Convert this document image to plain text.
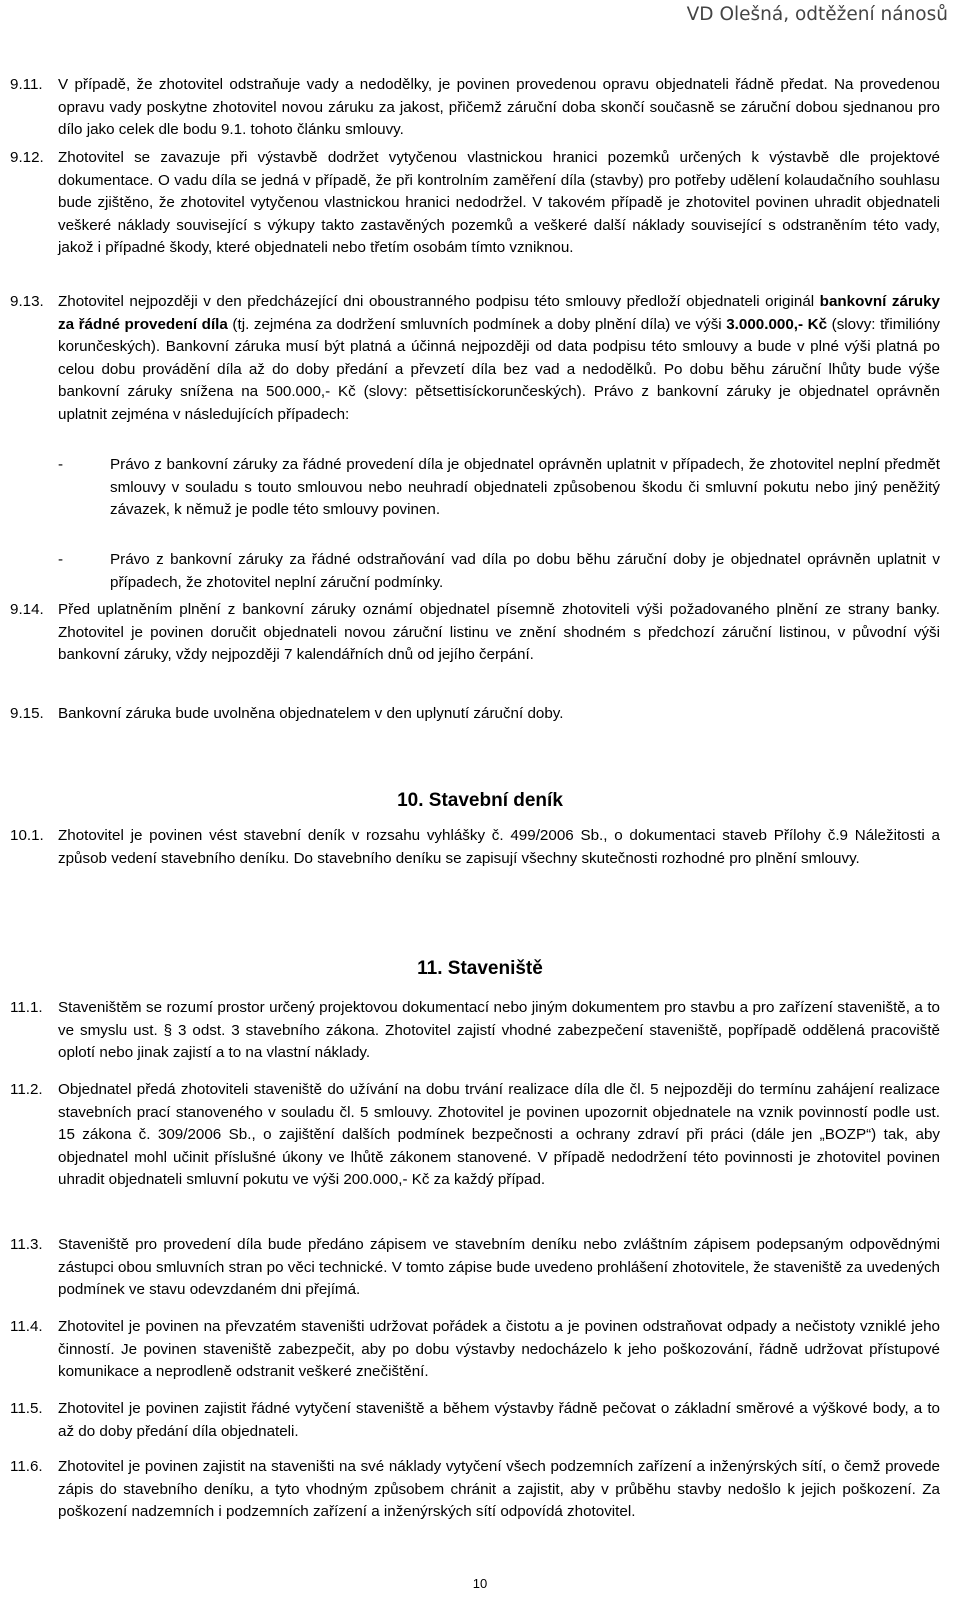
VD Olešná, odtěžení nánosů
9.11. V případě, že zhotovitel odstraňuje vady a nedodělky, je povinen provedenou opravu objednateli řádně předat. Na provedenou opravu vady poskytne zhotovitel novou záruku za jakost, přičemž záruční doba skončí současně se záruční dobou sjednanou pro dílo jako celek dle bodu 9.1. tohoto článku smlouvy.
9.12. Zhotovitel se zavazuje při výstavbě dodržet vytyčenou vlastnickou hranici pozemků určených k výstavbě dle projektové dokumentace. O vadu díla se jedná v případě, že při kontrolním zaměření díla (stavby) pro potřeby udělení kolaudačního souhlasu bude zjištěno, že zhotovitel vytyčenou vlastnickou hranici nedodržel. V takovém případě je zhotovitel povinen uhradit objednateli veškeré náklady související s výkupy takto zastavěných pozemků a veškeré další náklady související s odstraněním této vady, jakož i případné škody, které objednateli nebo třetím osobám tímto vzniknou.
9.13. Zhotovitel nejpozději v den předcházející dni oboustranného podpisu této smlouvy předloží objednateli originál bankovní záruky za řádné provedení díla (tj. zejména za dodržení smluvních podmínek a doby plnění díla) ve výši 3.000.000,- Kč (slovy: třimilióny korunčeských). Bankovní záruka musí být platná a účinná nejpozději od data podpisu této smlouvy a bude v plné výši platná po celou dobu provádění díla až do doby předání a převzetí díla bez vad a nedodělků. Po dobu běhu záruční lhůty bude výše bankovní záruky snížena na 500.000,- Kč (slovy: pětsettisíckorunčeských). Právo z bankovní záruky je objednatel oprávněn uplatnit zejména v následujících případech:
-	Právo z bankovní záruky za řádné provedení díla je objednatel oprávněn uplatnit v případech, že zhotovitel neplní předmět smlouvy v souladu s touto smlouvou nebo neuhradí objednateli způsobenou škodu či smluvní pokutu nebo jiný peněžitý závazek, k němuž je podle této smlouvy povinen.
-	Právo z bankovní záruky za řádné odstraňování vad díla po dobu běhu záruční doby je objednatel oprávněn uplatnit v případech, že zhotovitel neplní záruční podmínky.
9.14. Před uplatněním plnění z bankovní záruky oznámí objednatel písemně zhotoviteli výši požadovaného plnění ze strany banky. Zhotovitel je povinen doručit objednateli novou záruční listinu ve znění shodném s předchozí záruční listinou, v původní výši bankovní záruky, vždy nejpozději 7 kalendářních dnů od jejího čerpání.
9.15. Bankovní záruka bude uvolněna objednatelem v den uplynutí záruční doby.
10. Stavební deník
10.1. Zhotovitel je povinen vést stavební deník v rozsahu vyhlášky č. 499/2006 Sb., o dokumentaci staveb Přílohy č.9 Náležitosti a způsob vedení stavebního deníku. Do stavebního deníku se zapisují všechny skutečnosti rozhodné pro plnění smlouvy.
11. Staveniště
11.1. Staveništěm se rozumí prostor určený projektovou dokumentací nebo jiným dokumentem pro stavbu a pro zařízení staveniště, a to ve smyslu ust. § 3 odst. 3 stavebního zákona. Zhotovitel zajistí vhodné zabezpečení staveniště, popřípadě oddělená pracoviště oplotí nebo jinak zajistí a to na vlastní náklady.
11.2. Objednatel předá zhotoviteli staveniště do užívání na dobu trvání realizace díla dle čl. 5 nejpozději do termínu zahájení realizace stavebních prací stanoveného v souladu čl. 5 smlouvy. Zhotovitel je povinen upozornit objednatele na vznik povinností podle ust. 15 zákona č. 309/2006 Sb., o zajištění dalších podmínek bezpečnosti a ochrany zdraví při práci (dále jen „BOZP“) tak, aby objednatel mohl učinit příslušné úkony ve lhůtě zákonem stanovené. V případě nedodržení této povinnosti je zhotovitel povinen uhradit objednateli smluvní pokutu ve výši 200.000,- Kč za každý případ.
11.3. Staveniště pro provedení díla bude předáno zápisem ve stavebním deníku nebo zvláštním zápisem podepsaným odpovědnými zástupci obou smluvních stran po věci technické. V tomto zápise bude uvedeno prohlášení zhotovitele, že staveniště za uvedených podmínek ve stavu odevzdaném dni přejímá.
11.4. Zhotovitel je povinen na převzatém staveništi udržovat pořádek a čistotu a je povinen odstraňovat odpady a nečistoty vzniklé jeho činností. Je povinen staveniště zabezpečit, aby po dobu výstavby nedocházelo k jeho poškozování, řádně udržovat přístupové komunikace a neprodleně odstranit veškeré znečištění.
11.5. Zhotovitel je povinen zajistit řádné vytyčení staveniště a během výstavby řádně pečovat o základní směrové a výškové body, a to až do doby předání díla objednateli.
11.6. Zhotovitel je povinen zajistit na staveništi na své náklady vytyčení všech podzemních zařízení a inženýrských sítí, o čemž provede zápis do stavebního deníku, a tyto vhodným způsobem chránit a zajistit, aby v průběhu stavby nedošlo k jejich poškození. Za poškození nadzemních i podzemních zařízení a inženýrských sítí odpovídá zhotovitel.
10
